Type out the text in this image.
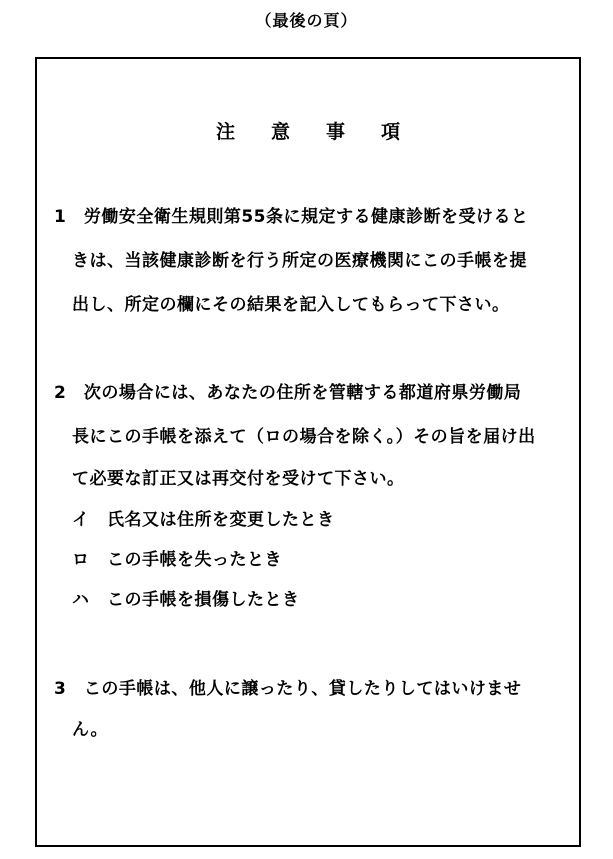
（最後の頁）
注 意 事 項
1　労働安全衛生規則第55条に規定する健康診断を受けると
きは、当該健康診断を行う所定の医療機関にこの手帳を提
出し、所定の欄にその結果を記入してもらって下さい。
2　次の場合には、あなたの住所を管轄する都道府県労働局
長にこの手帳を添えて（ロの場合を除く。）その旨を届け出
て必要な訂正又は再交付を受けて下さい。
イ　氏名又は住所を変更したとき
ロ　この手帳を失ったとき
ハ　この手帳を損傷したとき
3　この手帳は、他人に譲ったり、貸したりしてはいけませ
ん。
